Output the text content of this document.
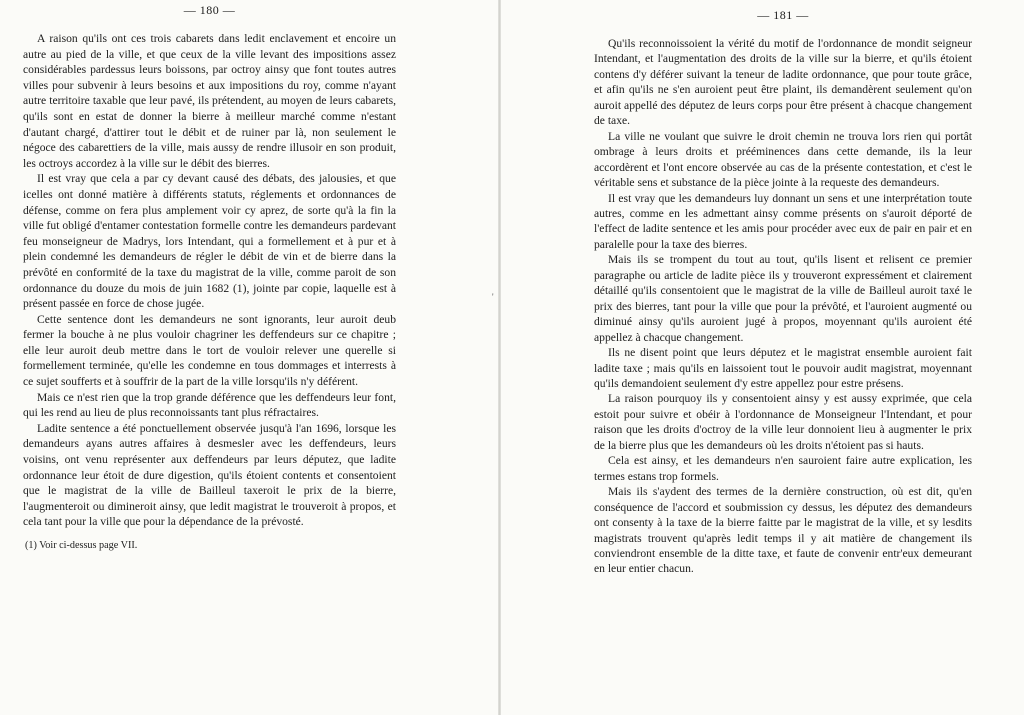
— 180 —

A raison qu'ils ont ces trois cabarets dans ledit enclavement et encoire un autre au pied de la ville, et que ceux de la ville levant des impositions assez considérables pardessus leurs boissons, par octroy ainsy que font toutes autres villes pour subvenir à leurs besoins et aux impositions du roy, comme n'ayant autre territoire taxable que leur pavé, ils prétendent, au moyen de leurs cabarets, qu'ils sont en estat de donner la bierre à meilleur marché comme n'estant d'autant chargé, d'attirer tout le débit et de ruiner par là, non seulement le négoce des cabarettiers de la ville, mais aussy de rendre illusoir en son produit, les octroys accordez à la ville sur le débit des bierres.

Il est vray que cela a par cy devant causé des débats, des jalousies, et que icelles ont donné matière à différents statuts, réglements et ordonnances de défense, comme on fera plus amplement voir cy aprez, de sorte qu'à la fin la ville fut obligé d'entamer contestation formelle contre les demandeurs pardevant feu monseigneur de Madrys, lors Intendant, qui a formellement et à pur et à plein condemné les demandeurs de régler le débit de vin et de bierre dans la prévôté en conformité de la taxe du magistrat de la ville, comme paroit de son ordonnance du douze du mois de juin 1682 (1), jointe par copie, laquelle est à présent passée en force de chose jugée.

Cette sentence dont les demandeurs ne sont ignorants, leur auroit deub fermer la bouche à ne plus vouloir chagriner les deffendeurs sur ce chapitre ; elle leur auroit deub mettre dans le tort de vouloir relever une querelle si formellement terminée, qu'elle les condemne en tous dommages et interrests à ce sujet soufferts et à souffrir de la part de la ville lorsqu'ils n'y déférent.

Mais ce n'est rien que la trop grande déférence que les deffendeurs leur font, qui les rend au lieu de plus reconnoissants tant plus réfractaires.

Ladite sentence a été ponctuellement observée jusqu'à l'an 1696, lorsque les demandeurs ayans autres affaires à desmesler avec les deffendeurs, leurs voisins, ont venu représenter aux deffendeurs par leurs députez, que ladite ordonnance leur étoit de dure digestion, qu'ils étoient contents et consentoient que le magistrat de la ville de Bailleul taxeroit le prix de la bierre, l'augmenteroit ou dimineroit ainsy, que ledit magistrat le trouveroit à propos, et cela tant pour la ville que pour la dépendance de la prévosté.

(1) Voir ci-dessus page VII.

'
— 181 —

Qu'ils reconnoissoient la vérité du motif de l'ordonnance de mondit seigneur Intendant, et l'augmentation des droits de la ville sur la bierre, et qu'ils étoient contens d'y déférer suivant la teneur de ladite ordonnance, que pour toute grâce, et afin qu'ils ne s'en auroient peut être plaint, ils demandèrent seulement qu'on auroit appellé des députez de leurs corps pour être présent à chacque changement de taxe.

La ville ne voulant que suivre le droit chemin ne trouva lors rien qui portât ombrage à leurs droits et prééminences dans cette demande, ils la leur accordèrent et l'ont encore observée au cas de la présente contestation, et c'est le véritable sens et substance de la pièce jointe à la requeste des demandeurs.

Il est vray que les demandeurs luy donnant un sens et une interprétation toute autres, comme en les admettant ainsy comme présents on s'auroit déporté de l'effect de ladite sentence et les amis pour procéder avec eux de pair en pair et en paralelle pour la taxe des bierres.

Mais ils se trompent du tout au tout, qu'ils lisent et relisent ce premier paragraphe ou article de ladite pièce ils y trouveront expressément et clairement détaillé qu'ils consentoient que le magistrat de la ville de Bailleul auroit taxé le prix des bierres, tant pour la ville que pour la prévôté, et l'auroient augmenté ou diminué ainsy qu'ils auroient jugé à propos, moyennant qu'ils auroient été appellez à chacque changement.

Ils ne disent point que leurs députez et le magistrat ensemble auroient fait ladite taxe ; mais qu'ils en laissoient tout le pouvoir audit magistrat, moyennant qu'ils demandoient seulement d'y estre appellez pour estre présens.

La raison pourquoy ils y consentoient ainsy y est aussy exprimée, que cela estoit pour suivre et obéir à l'ordonnance de Monseigneur l'Intendant, et pour raison que les droits d'octroy de la ville leur donnoient lieu à augmenter le prix de la bierre plus que les demandeurs où les droits n'étoient pas si hauts.

Cela est ainsy, et les demandeurs n'en sauroient faire autre explication, les termes estans trop formels.

Mais ils s'aydent des termes de la dernière construction, où est dit, qu'en conséquence de l'accord et soubmission cy dessus, les députez des demandeurs ont consenty à la taxe de la bierre faitte par le magistrat de la ville, et sy lesdits magistrats trouvent qu'après ledit temps il y ait matière de changement ils conviendront ensemble de la ditte taxe, et faute de convenir entr'eux demeurant en leur entier chacun.
